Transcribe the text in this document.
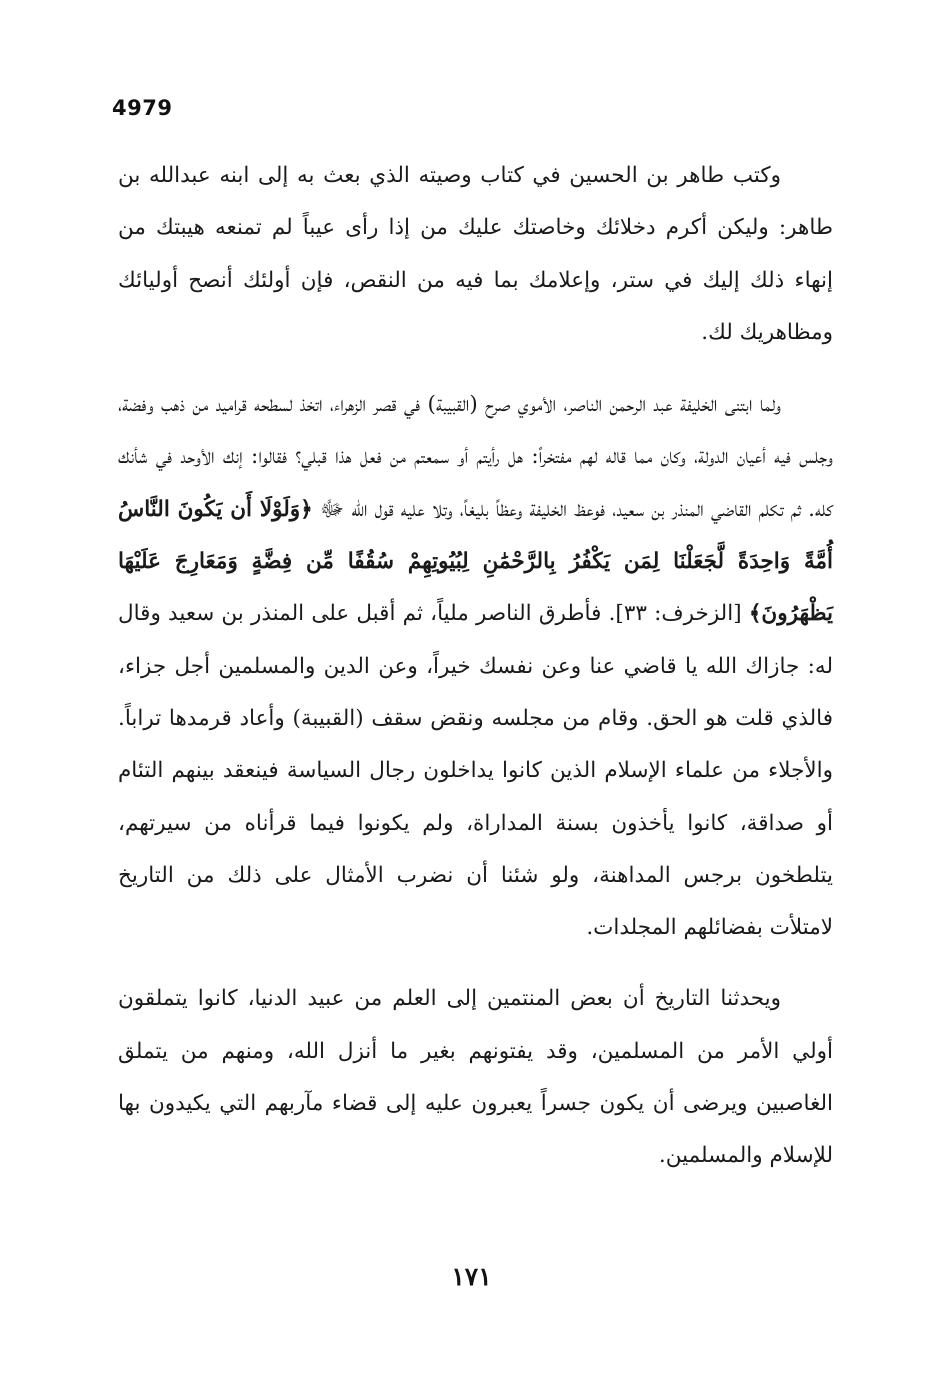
4979

وكتب طاهر بن الحسين في كتاب وصيته الذي بعث به إلى ابنه عبدالله بن طاهر: وليكن أكرم دخلائك وخاصتك عليك من إذا رأى عيباً لم تمنعه هيبتك من إنهاء ذلك إليك في ستر، وإعلامك بما فيه من النقص، فإن أولئك أنصح أوليائك ومظاهريك لك.

ولما ابتنى الخليفة عبد الرحمن الناصر، الأموي صرح (القبيبة) في قصر الزهراء، اتخذ لسطحه قراميد من ذهب وفضة، وجلس فيه أعيان الدولة، وكان مما قاله لهم مفتخراً: هل رأيتم أو سمعتم من فعل هذا قبلي؟ فقالوا: إنك الأوحد في شأنك كله. ثم تكلم القاضي المنذر بن سعيد، فوعظ الخليفة وعظاً بليغاً، وتلا عليه قول الله ﷻ ﴿وَلَوْلَا أَن يَكُونَ النَّاسُ أُمَّةً وَاحِدَةً لَّجَعَلْنَا لِمَن يَكْفُرُ بِالرَّحْمَٰنِ لِبُيُوتِهِمْ سُقُفًا مِّن فِضَّةٍ وَمَعَارِجَ عَلَيْهَا يَظْهَرُونَ﴾ [الزخرف: ٣٣]. فأطرق الناصر ملياً، ثم أقبل على المنذر بن سعيد وقال له: جازاك الله يا قاضي عنا وعن نفسك خيراً، وعن الدين والمسلمين أجل جزاء، فالذي قلت هو الحق. وقام من مجلسه ونقض سقف (القبيبة) وأعاد قرمدها تراباً. والأجلاء من علماء الإسلام الذين كانوا يداخلون رجال السياسة فينعقد بينهم التئام أو صداقة، كانوا يأخذون بسنة المداراة، ولم يكونوا فيما قرأناه من سيرتهم، يتلطخون برجس المداهنة، ولو شئنا أن نضرب الأمثال على ذلك من التاريخ لامتلأت بفضائلهم المجلدات.

ويحدثنا التاريخ أن بعض المنتمين إلى العلم من عبيد الدنيا، كانوا يتملقون أولي الأمر من المسلمين، وقد يفتونهم بغير ما أنزل الله، ومنهم من يتملق الغاصبين ويرضى أن يكون جسراً يعبرون عليه إلى قضاء مآربهم التي يكيدون بها للإسلام والمسلمين.

١٧١
